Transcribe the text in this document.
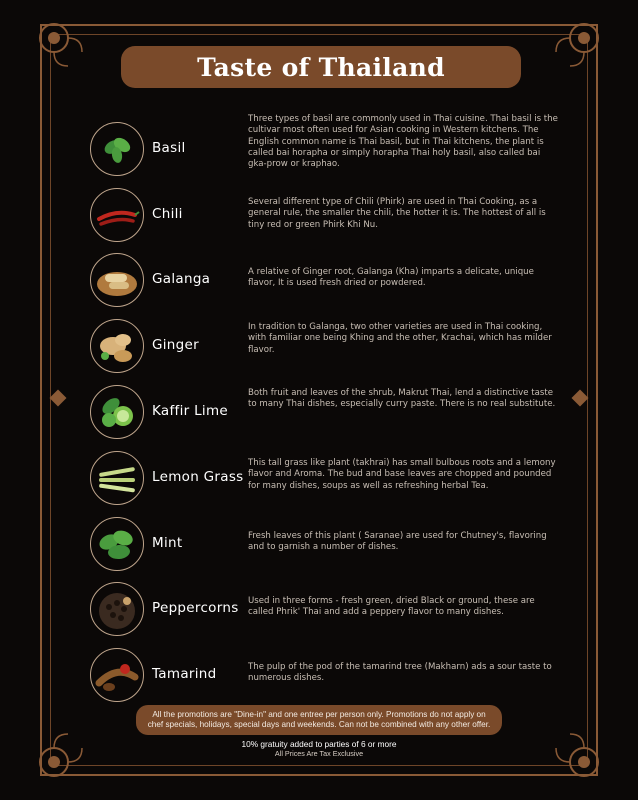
Taste of Thailand
Basil
Three types of basil are commonly used in Thai cuisine. Thai basil is the cultivar most often used for Asian cooking in Western kitchens. The English common name is Thai basil, but in Thai kitchens, the plant is called bai horapha or simply horapha Thai holy basil, also called bai gka-prow or kraphao.
Chili
Several different type of Chili (Phirk) are used in Thai Cooking, as a general rule, the smaller the chili, the hotter it is. The hottest of all is tiny red or green Phirk Khi Nu.
Galanga	A relative of Ginger root, Galanga (Kha) imparts a delicate, unique flavor, It is used fresh dried or powdered.
Ginger
In tradition to Galanga, two other varieties are used in Thai cooking, with familiar one being Khing and the other, Krachai, which has milder flavor.
Kaffir Lime
Both fruit and leaves of the shrub, Makrut Thai, lend a distinctive taste to many Thai dishes, especially curry paste. There is no real substitute.
Lemon Grass
This tall grass like plant (takhrai) has small bulbous roots and a lemony flavor and Aroma. The bud and base leaves are chopped and pounded for many dishes, soups as well as refreshing herbal Tea.
Mint	Fresh leaves of this plant ( Saranae) are used for Chutney's, flavoring and to garnish a number of dishes.
Peppercorns Used in three forms - fresh green, dried Black or ground, these are called Phrik' Thai and add a peppery flavor to many dishes.
Tamarind	The pulp of the pod of the tamarind tree (Makharn) ads a sour taste to numerous dishes.
All the promotions are "Dine-in" and one entree per person only. Promotions do not apply on chef specials, holidays, special days and weekends. Can not be combined with any other offer.
10% gratuity added to parties of 6 or more
All Prices Are Tax Exclusive
